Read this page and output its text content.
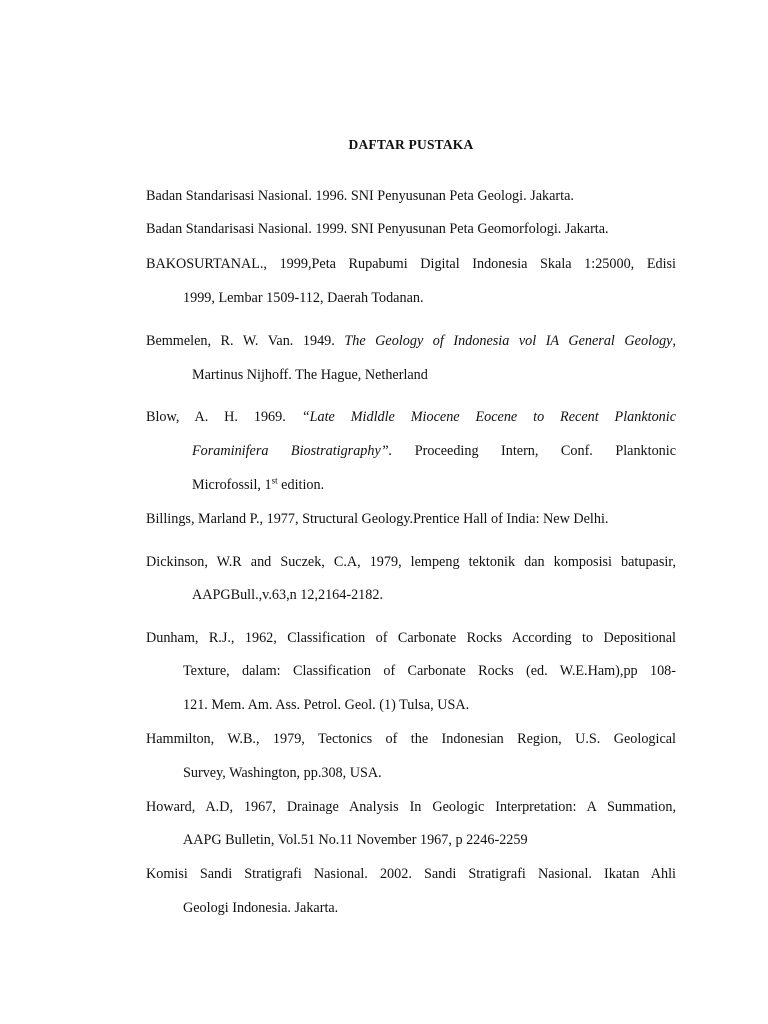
DAFTAR PUSTAKA
Badan Standarisasi Nasional. 1996. SNI Penyusunan Peta Geologi. Jakarta.
Badan Standarisasi Nasional. 1999. SNI Penyusunan Peta Geomorfologi. Jakarta.
BAKOSURTANAL., 1999,Peta Rupabumi Digital Indonesia Skala 1:25000, Edisi
1999, Lembar 1509-112, Daerah Todanan.
Bemmelen, R. W. Van. 1949. The Geology of Indonesia vol IA General Geology,
Martinus Nijhoff. The Hague, Netherland
Blow, A. H. 1969. “Late Midldle Miocene Eocene to Recent Planktonic
Foraminifera Biostratigraphy”. Proceeding Intern, Conf. Planktonic
Microfossil, 1st edition.
Billings, Marland P., 1977, Structural Geology.Prentice Hall of India: New Delhi.
Dickinson, W.R and Suczek, C.A, 1979, lempeng tektonik dan komposisi batupasir,
AAPGBull.,v.63,n 12,2164-2182.
Dunham, R.J., 1962, Classification of Carbonate Rocks According to Depositional
Texture, dalam: Classification of Carbonate Rocks (ed. W.E.Ham),pp 108-
121. Mem. Am. Ass. Petrol. Geol. (1) Tulsa, USA.
Hammilton, W.B., 1979, Tectonics of the Indonesian Region, U.S. Geological
Survey, Washington, pp.308, USA.
Howard, A.D, 1967, Drainage Analysis In Geologic Interpretation: A Summation,
AAPG Bulletin, Vol.51 No.11 November 1967, p 2246-2259
Komisi Sandi Stratigrafi Nasional. 2002. Sandi Stratigrafi Nasional. Ikatan Ahli
Geologi Indonesia. Jakarta.
